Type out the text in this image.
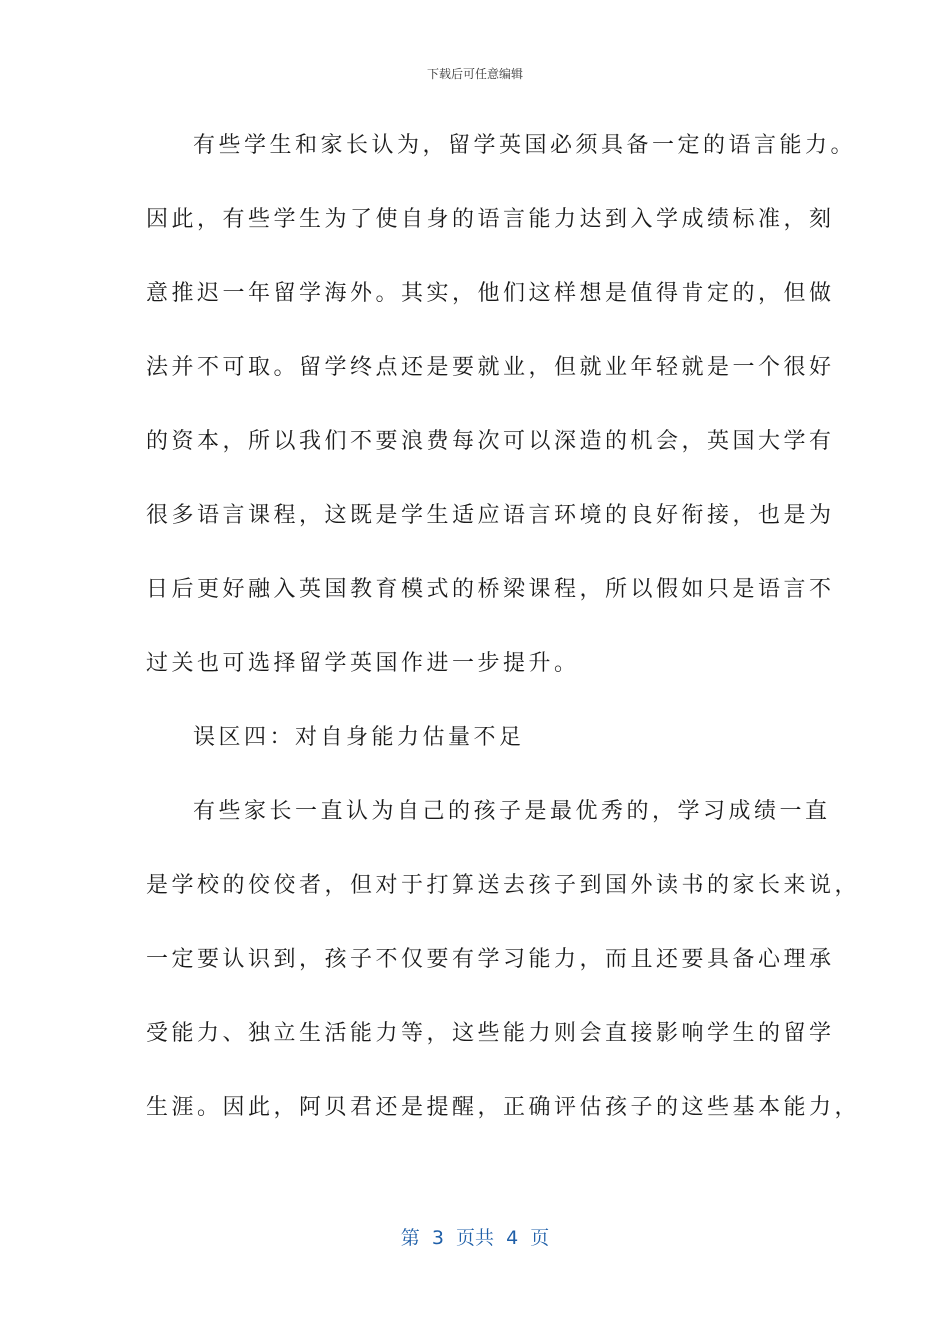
下载后可任意编辑
有些学生和家长认为，留学英国必须具备一定的语言能力。
因此，有些学生为了使自身的语言能力达到入学成绩标准，刻
意推迟一年留学海外。其实，他们这样想是值得肯定的，但做
法并不可取。留学终点还是要就业，但就业年轻就是一个很好
的资本，所以我们不要浪费每次可以深造的机会，英国大学有
很多语言课程，这既是学生适应语言环境的良好衔接，也是为
日后更好融入英国教育模式的桥梁课程，所以假如只是语言不
过关也可选择留学英国作进一步提升。
误区四：对自身能力估量不足
有些家长一直认为自己的孩子是最优秀的，学习成绩一直
是学校的佼佼者，但对于打算送去孩子到国外读书的家长来说，
一定要认识到，孩子不仅要有学习能力，而且还要具备心理承
受能力、独立生活能力等，这些能力则会直接影响学生的留学
生涯。因此，阿贝君还是提醒，正确评估孩子的这些基本能力，
第  3  页共  4  页
